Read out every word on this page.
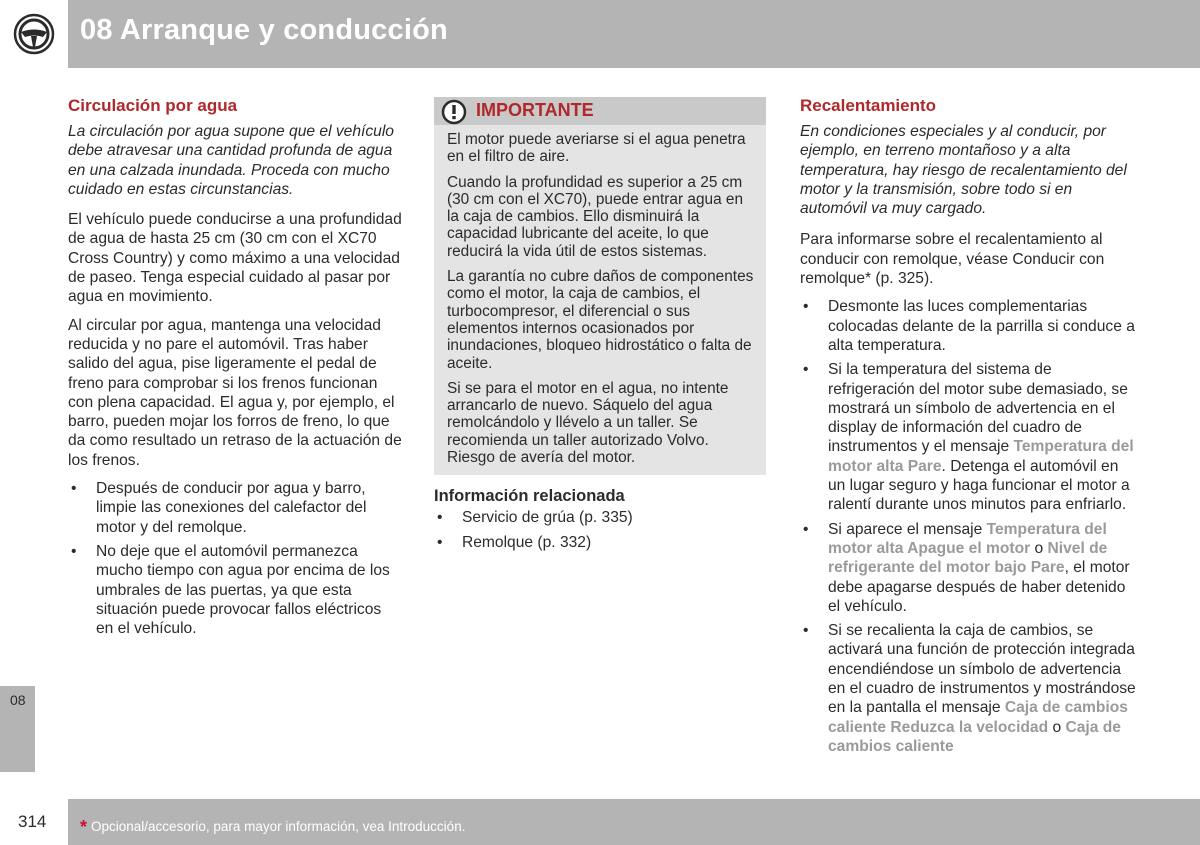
08 Arranque y conducción
08
Circulación por agua

La circulación por agua supone que el vehículo debe atravesar una cantidad profunda de agua en una calzada inundada. Proceda con mucho cuidado en estas circunstancias.

El vehículo puede conducirse a una profundidad de agua de hasta 25 cm (30 cm con el XC70 Cross Country) y como máximo a una velocidad de paseo. Tenga especial cuidado al pasar por agua en movimiento.

Al circular por agua, mantenga una velocidad reducida y no pare el automóvil. Tras haber salido del agua, pise ligeramente el pedal de freno para comprobar si los frenos funcionan con plena capacidad. El agua y, por ejemplo, el barro, pueden mojar los forros de freno, lo que da como resultado un retraso de la actuación de los frenos.

• Después de conducir por agua y barro, limpie las conexiones del calefactor del motor y del remolque.
• No deje que el automóvil permanezca mucho tiempo con agua por encima de los umbrales de las puertas, ya que esta situación puede provocar fallos eléctricos en el vehículo.
IMPORTANTE

El motor puede averiarse si el agua penetra en el filtro de aire.

Cuando la profundidad es superior a 25 cm (30 cm con el XC70), puede entrar agua en la caja de cambios. Ello disminuirá la capacidad lubricante del aceite, lo que reducirá la vida útil de estos sistemas.

La garantía no cubre daños de componentes como el motor, la caja de cambios, el turbocompresor, el diferencial o sus elementos internos ocasionados por inundaciones, bloqueo hidrostático o falta de aceite.

Si se para el motor en el agua, no intente arrancarlo de nuevo. Sáquelo del agua remolcándolo y llévelo a un taller. Se recomienda un taller autorizado Volvo. Riesgo de avería del motor.

Información relacionada
• Servicio de grúa (p. 335)
• Remolque (p. 332)
Recalentamiento

En condiciones especiales y al conducir, por ejemplo, en terreno montañoso y a alta temperatura, hay riesgo de recalentamiento del motor y la transmisión, sobre todo si en automóvil va muy cargado.

Para informarse sobre el recalentamiento al conducir con remolque, véase Conducir con remolque* (p. 325).

• Desmonte las luces complementarias colocadas delante de la parrilla si conduce a alta temperatura.
• Si la temperatura del sistema de refrigeración del motor sube demasiado, se mostrará un símbolo de advertencia en el display de información del cuadro de instrumentos y el mensaje Temperatura del motor alta Pare. Detenga el automóvil en un lugar seguro y haga funcionar el motor a ralentí durante unos minutos para enfriarlo.
• Si aparece el mensaje Temperatura del motor alta Apague el motor o Nivel de refrigerante del motor bajo Pare, el motor debe apagarse después de haber detenido el vehículo.
• Si se recalienta la caja de cambios, se activará una función de protección integrada encendiéndose un símbolo de advertencia en el cuadro de instrumentos y mostrándose en la pantalla el mensaje Caja de cambios caliente Reduzca la velocidad o Caja de cambios caliente
314 * Opcional/accesorio, para mayor información, vea Introducción.
